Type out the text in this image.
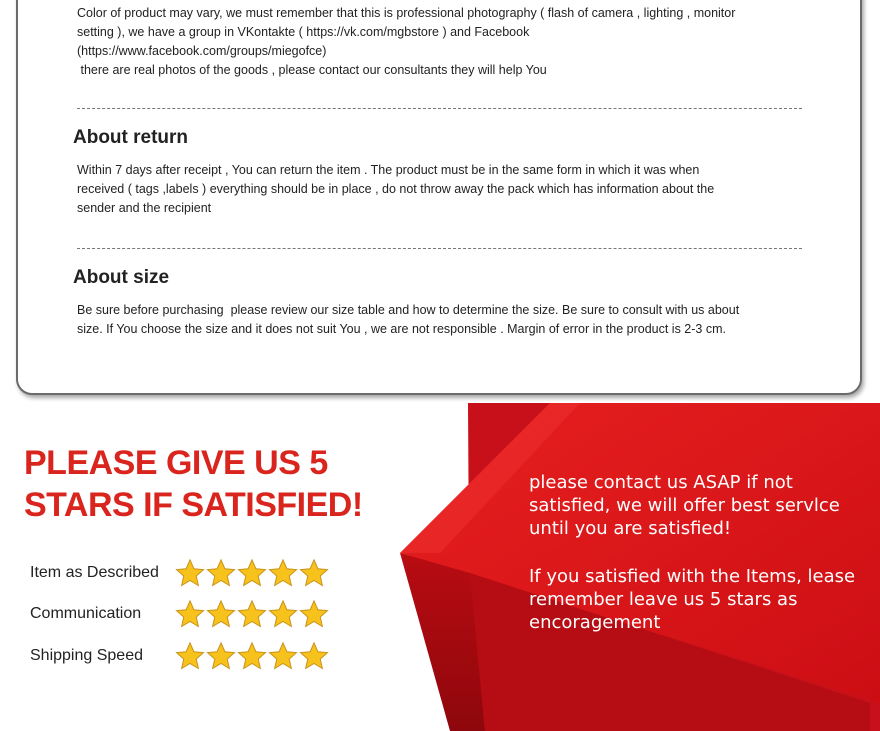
Color of product may vary, we must remember that this is professional photography ( flash of camera , lighting , monitor

setting ), we have a group in VKontakte ( https://vk.com/mgbstore ) and Facebook

(https://www.facebook.com/groups/miegofce)

there are real photos of the goods , please contact our consultants they will help You

About return

Within 7 days after receipt , You can return the item . The product must be in the same form in which it was when

received ( tags ,labels ) everything should be in place , do not throw away the pack which has information about the

sender and the recipient

About size

Be sure before purchasing  please review our size table and how to determine the size. Be sure to consult with us about

size. If You choose the size and it does not suit You , we are not responsible . Margin of error in the product is 2-3 cm.

PLEASE GIVE US 5
STARS IF SATISFIED!
Item as Described
Communication
Shipping Speed

please contact us ASAP if not

satisfied, we will offer best servlce

until you are satisfied!

If you satisfied with the Items, lease

remember leave us 5 stars as

encoragement
